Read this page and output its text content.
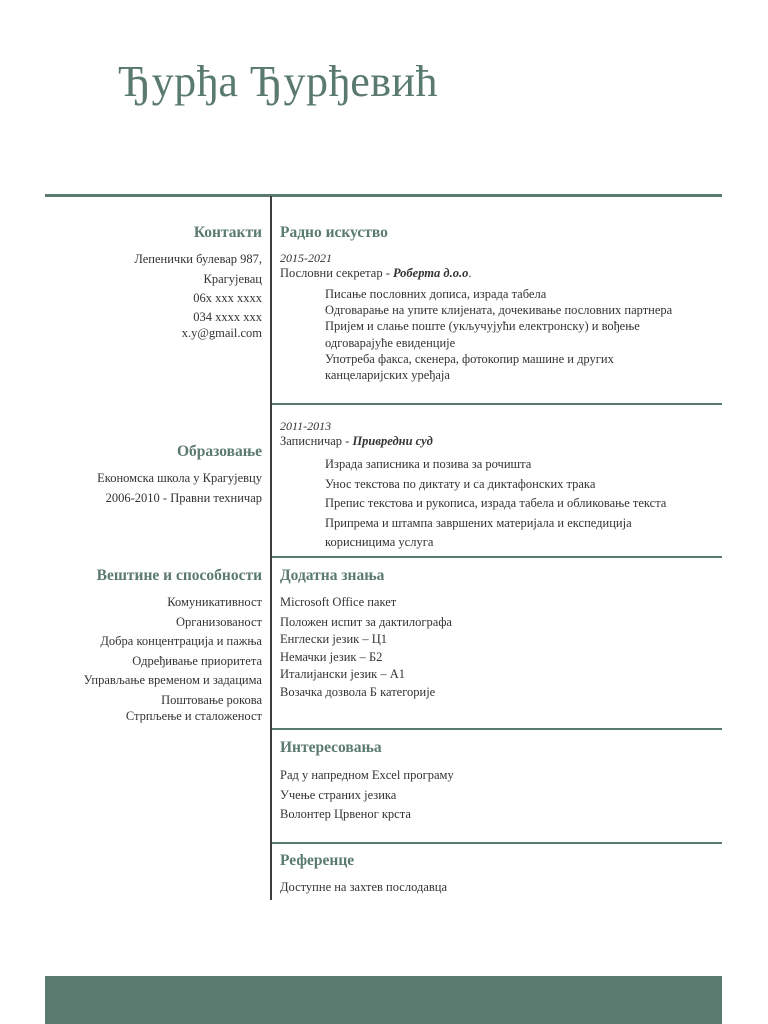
Ђурђа Ђурђевић
Контакти
Лепенички булевар 987,
Крагујевац
06x xxx xxxx
034 xxxx xxx
x.y@gmail.com
Образовање
Економска школа у Крагујевцу
2006-2010 - Правни техничар
Вештине и способности
Комуникативност
Организованост
Добра концентрација и пажња
Одређивање приоритета
Управљање временом и задацима
Поштовање рокова
Стрпљење и сталоженост
Радно искуство
2015-2021
Пословни секретар - Роберта д.о.о.
Писање пословних дописа, израда табела
Одговарање на упите клијената, дочекивање пословних партнера
Пријем и слање поште (укључујући електронску) и вођење
одговарајуће евиденције
Употреба факса, скенера, фотокопир машине и других
канцеларијских уређаја
2011-2013
Записничар - Привредни суд
Израда записника и позива за рочишта
Унос текстова по диктату и са диктафонских трака
Препис текстова и рукописа, израда табела и обликовање текста
Припрема и штампа завршених материјала и експедиција
корисницима услуга
Додатна знања
Microsoft Office пакет
Положен испит за дактилографа
Енглески језик – Ц1
Немачки језик – Б2
Италијански језик – А1
Возачка дозвола Б категорије
Интересовања
Рад у напредном Excel програму
Учење страних језика
Волонтер Црвеног крста
Референце
Доступне на захтев послодавца
